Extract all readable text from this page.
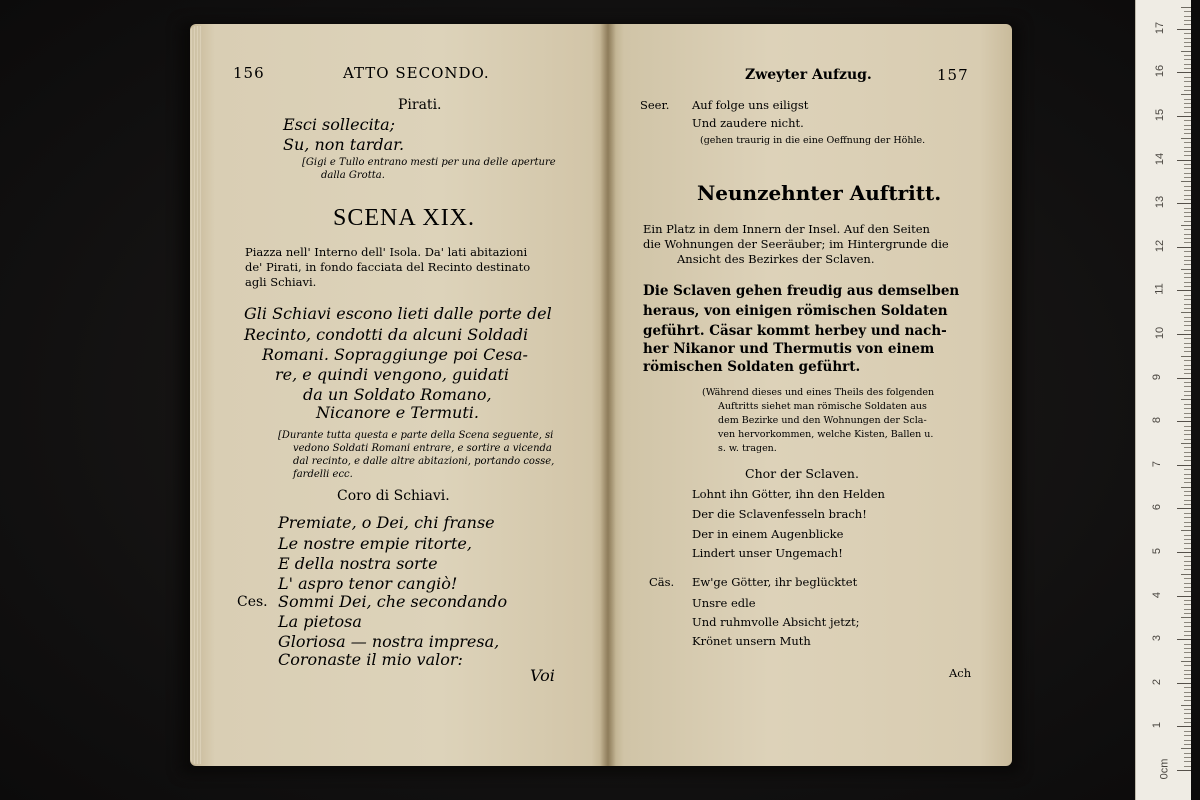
156	ATTO SECONDO.
Pirati.
Esci sollecita;
Su, non tardar.
[Gigi e Tullo entrano mesti per una delle aperture
dalla Grotta.
SCENA XIX.
Piazza nell' Interno dell' Isola. Da' lati abitazioni
de' Pirati, in fondo facciata del Recinto destinato
agli Schiavi.
Gli Schiavi escono lieti dalle porte del
Recinto, condotti da alcuni Soldadi
Romani. Sopraggiunge poi Cesa-
re, e quindi vengono, guidati
da un Soldato Romano,
Nicanore e Termuti.
[Durante tutta questa e parte della Scena seguente, si
vedono Soldati Romani entrare, e sortire a vicenda
dal recinto, e dalle altre abitazioni, portando cosse,
fardelli ecc.
Coro di Schiavi.
Premiate, o Dei, chi franse
Le nostre empie ritorte,
E della nostra sorte
L' aspro tenor cangiò!
Ces. Sommi Dei, che secondando
La pietosa
Gloriosa — nostra impresa,
Coronaste il mio valor:
Voi
Zweyter Aufzug.	157
Seer. Auf folge uns eiligst
Und zaudere nicht.
(gehen traurig in die eine Oeffnung der Höhle.
Neunzehnter Auftritt.
Ein Platz in dem Innern der Insel. Auf den Seiten
die Wohnungen der Seeräuber; im Hintergrunde die
Ansicht des Bezirkes der Sclaven.
Die Sclaven gehen freudig aus demselben
heraus, von einigen römischen Soldaten
geführt. Cäsar kommt herbey und nach-
her Nikanor und Thermutis von einem
römischen Soldaten geführt.
(Während dieses und eines Theils des folgenden
Auftritts siehet man römische Soldaten aus
dem Bezirke und den Wohnungen der Scla-
ven hervorkommen, welche Kisten, Ballen u.
s. w. tragen.
Chor der Sclaven.
Lohnt ihn Götter, ihn den Helden
Der die Sclavenfesseln brach!
Der in einem Augenblicke
Lindert unser Ungemach!
Cäs. Ew'ge Götter, ihr beglücktet
Unsre edle
Und ruhmvolle Absicht jetzt;
Krönet unsern Muth
Ach
0cm
1
2
3
4
5
6
7
8
9
10
11
12
13
14
15
16
17
